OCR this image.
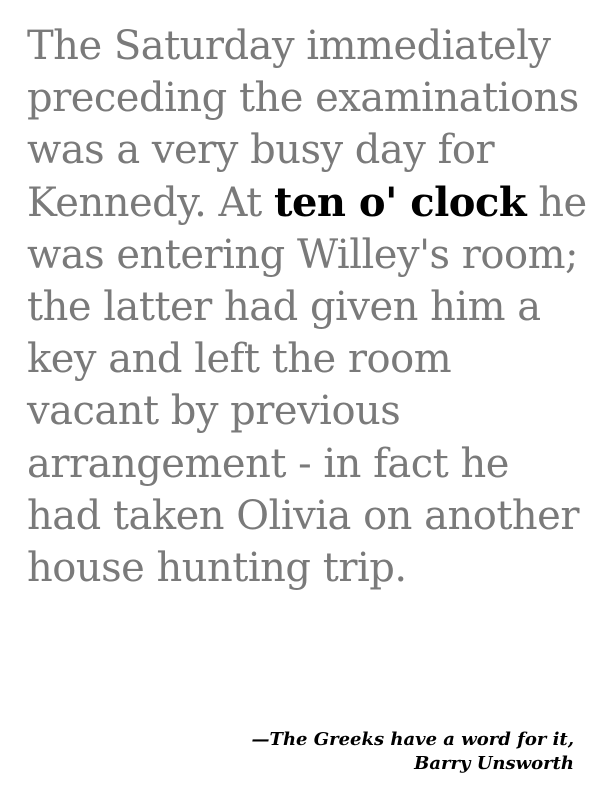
The Saturday immediately preceding the examinations was a very busy day for Kennedy. At ten o' clock he was entering Willey's room; the latter had given him a key and left the room vacant by previous arrangement - in fact he had taken Olivia on another house hunting trip.

—The Greeks have a word for it, Barry Unsworth
